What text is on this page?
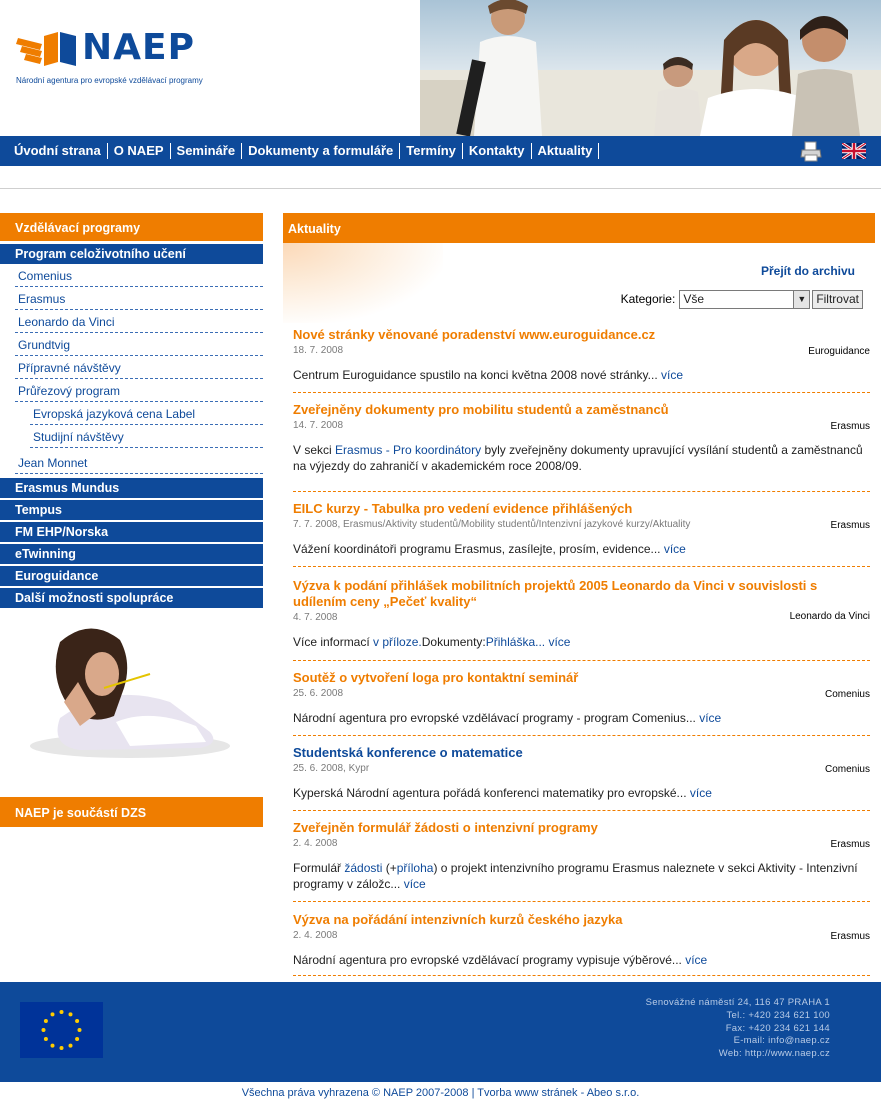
NAEP
Národní agentura pro evropské vzdělávací programy
Úvodní strana	O NAEP	Semináře	Dokumenty a formuláře	Termíny	Kontakty	Aktuality
Vzdělávací programy
Program celoživotního učení
Comenius
Erasmus
Leonardo da Vinci
Grundtvig
Přípravné návštěvy
Průřezový program
Evropská jazyková cena Label
Studijní návštěvy
Jean Monnet
Erasmus Mundus
Tempus
FM EHP/Norska
eTwinning
Euroguidance
Další možnosti spolupráce
NAEP je součástí DZS
Aktuality
Přejít do archivu
Kategorie: Vše	▼ Filtrovat
Nové stránky věnované poradenství www.euroguidance.cz
Euroguidance
18. 7. 2008
Centrum Euroguidance spustilo na konci května 2008 nové stránky... více
Zveřejněny dokumenty pro mobilitu studentů a zaměstnanců
Erasmus
14. 7. 2008
V sekci Erasmus - Pro koordinátory byly zveřejněny dokumenty upravující vysílání studentů a zaměstnanců na výjezdy do zahraničí v akademickém roce 2008/09.
EILC kurzy - Tabulka pro vedení evidence přihlášených
Erasmus
7. 7. 2008, Erasmus/Aktivity studentů/Mobility studentů/Intenzivní jazykové kurzy/Aktuality
Vážení koordinátoři programu Erasmus, zasílejte, prosím, evidence... více
Výzva k podání přihlášek mobilitních projektů 2005 Leonardo da Vinci v souvislosti s udílením ceny „Pečeť kvality“
Leonardo da Vinci
4. 7. 2008
Více informací v příloze.Dokumenty:Přihláška... více
Soutěž o vytvoření loga pro kontaktní seminář
Comenius
25. 6. 2008
Národní agentura pro evropské vzdělávací programy - program Comenius... více
Studentská konference o matematice
Comenius
25. 6. 2008, Kypr
Kyperská Národní agentura pořádá konferenci matematiky pro evropské... více
Zveřejněn formulář žádosti o intenzivní programy
Erasmus
2. 4. 2008
Formulář žádosti (+příloha) o projekt intenzivního programu Erasmus naleznete v sekci Aktivity - Intenzivní programy v záložc... více
Výzva na pořádání intenzivních kurzů českého jazyka
Erasmus
2. 4. 2008
Národní agentura pro evropské vzdělávací programy vypisuje výběrové... více
Senovážné náměstí 24, 116 47 PRAHA 1
Tel.: +420 234 621 100
Fax: +420 234 621 144
E-mail: info@naep.cz
Web: http://www.naep.cz
Všechna práva vyhrazena © NAEP 2007-2008 | Tvorba www stránek - Abeo s.r.o.
